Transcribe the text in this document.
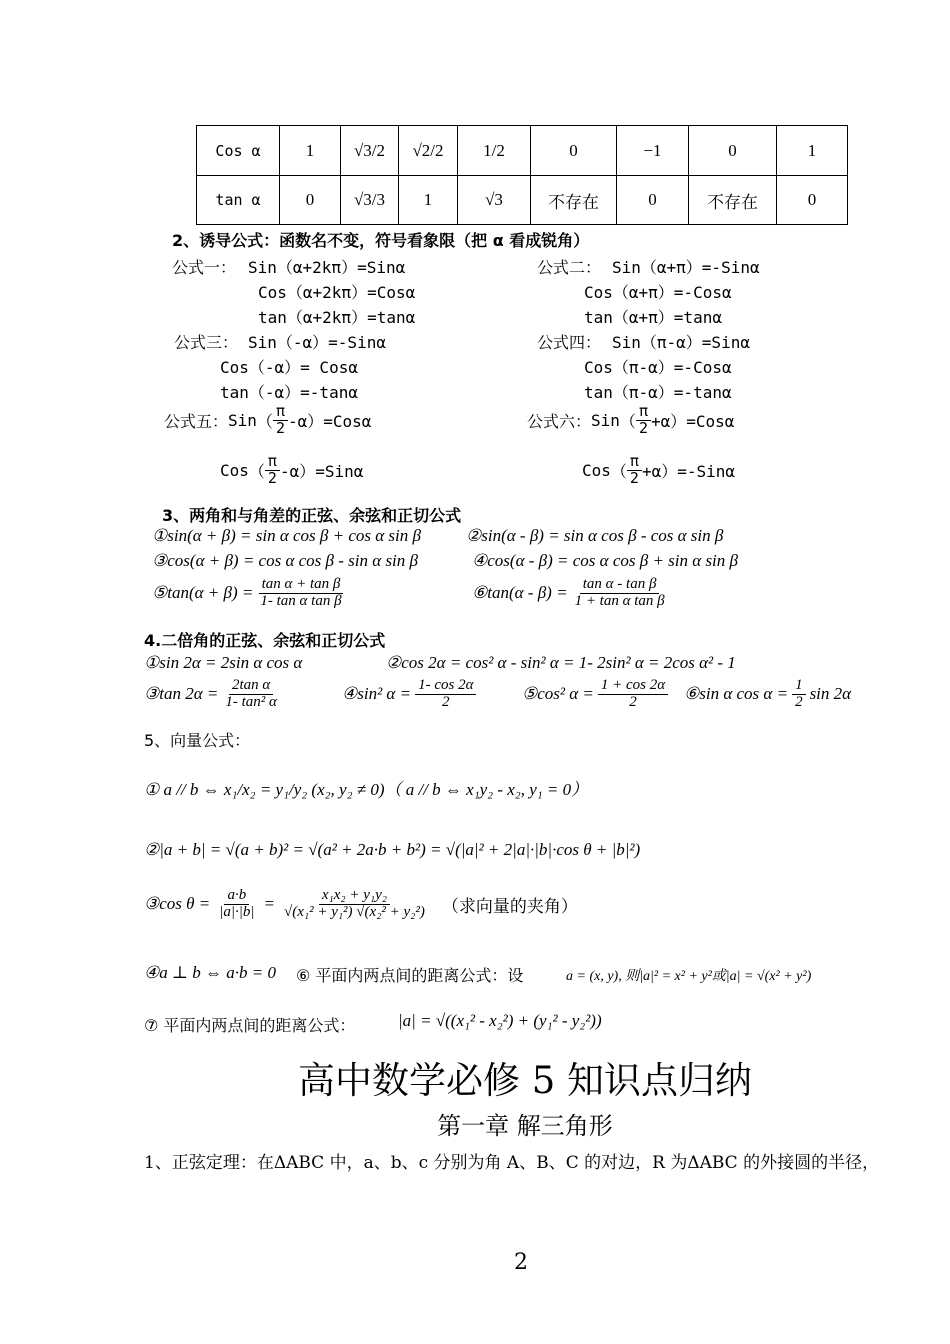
Cos α	1	√3/2	√2/2	1/2	0	−1	0	1
tan α	0	√3/3	1	√3	不存在	0	不存在	0
2、诱导公式：函数名不变，符号看象限（把 α 看成锐角）
公式一： Sin（α+2kπ）=Sinα
Cos（α+2kπ）=Cosα
tan（α+2kπ）=tanα
公式二： Sin（α+π）=-Sinα
Cos（α+π）=-Cosα
tan（α+π）=tanα
公式三： Sin（-α）=-Sinα
Cos（-α）= Cosα
tan（-α）=-tanα
公式四： Sin（π-α）=Sinα
Cos（π-α）=-Cosα
tan（π-α）=-tanα
公式五： Sin （ $\frac{\pi}{2} -\alpha)=Cos\alpha$
Cos （ $\frac{\pi}{2} -\alpha)=Sin\alpha$
公式六： Sin （ $\frac{\pi}{2} +\alpha)=Cos\alpha$
Cos （ $\frac{\pi}{2} +\alpha)=-Sin\alpha$
3、两角和与角差的正弦、余弦和正切公式
①sin(α + β) = sin α cos β + cos α sin β	②sin(α - β) = sin α cos β - cos α sin β
③cos(α + β) = cos α cos β - sin α sin β	④cos(α - β) = cos α cos β + sin α sin β
⑤tan(α + $\beta) = \frac{\text{tan α + tan β}}{\text{1- tan α tan β}}$	⑥tan(α - $\beta) = \frac{\text{tan α - tan β}}{\text{1 + tan α tan β}}$
4.二倍角的正弦、余弦和正切公式
①sin 2α = 2sin α cos α	②cos 2α = cos² α - sin² α = 1- 2sin² α = 2cos α² - 1
③tan $2\alpha = \frac{\text{2tan α}}{\text{1- tan² α}}$	④sin² $\alpha = \frac{1- \cos 2\alpha}{2}$	⑤cos² $\alpha = \frac{1 + \cos 2\alpha}{2}$ ⑥sin α $\cos \alpha = \frac{1}{2}$ sin 2α
5、向量公式：
① a // b ⇔ x₁/x₂ = y₁/y₂ (x₂, y₂ ≠ 0)（ a // b ⇔ x₁y₂ - x₂, y₁ = 0）
②|a + b| = √(a + b)² = √(a² + 2a·b + b²) = √(|a|² + 2|a|·|b|·cos θ + |b|²)
③cos $\theta = \frac{a\cdot b}{|a|\cdot|b|} = \frac{\text{x₁x₂ + y₁y₂}}{\text{√(x₁² + y₁²) √(x₂² + y₂²)}}$ （求向量的夹角）
④a ⊥ b ⇔ a·b = 0 ⑥ 平面内两点间的距离公式：设	a = (x, y), 则|a|² = x² + y²或|a| = √(x² + y²)
⑦ 平面内两点间的距离公式：	|a| = √((x₁² - x₂²) + (y₁² - y₂²))
高中数学必修 5 知识点归纳
第一章 解三角形
1、正弦定理：在ΔABC 中，a、b、c 分别为角 A、B、C 的对边，R 为ΔABC 的外接圆的半径，
2
